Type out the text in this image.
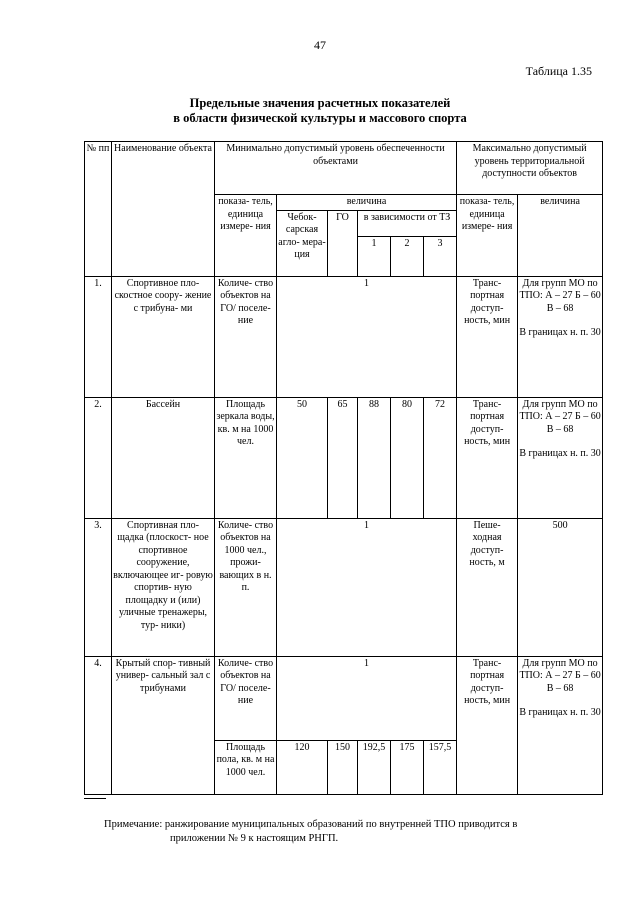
47
Таблица 1.35
Предельные значения расчетных показателей
в области физической культуры и массового спорта
№ пп	Наименование объекта	Минимально допустимый уровень обеспеченности объектами						Максимально допустимый уровень территориальной доступности объектов	
		показа- тель, единица измере- ния	величина					показа- тель, единица измере- ния	величина
			Чебок- сарская агло- мера- ция	ГО	в зависимости от ТЗ				
					1	2	3		
1.	Спортивное пло- скостное соору- жение с трибуна- ми	Количе- ство объектов на ГО/ поселе- ние	1					Транс- портная доступ- ность, мин	Для групп МО по ТПО: А – 27 Б – 60 В – 68
В границах н. п. 30

2.	Бассейн	Площадь зеркала воды, кв. м на 1000 чел.	50	65	88	80	72	Транс- портная доступ- ность, мин	Для групп МО по ТПО: А – 27 Б – 60 В – 68
В границах н. п. 30

3.	Спортивная пло- щадка (плоскост- ное спортивное сооружение, включающее иг- ровую спортив- ную площадку и (или) уличные тренажеры, тур- ники)	Количе- ство объектов на 1000 чел., прожи- вающих в н. п.	1					Пеше- ходная доступ- ность, м	500
4.	Крытый спор- тивный универ- сальный зал с трибунами	Количе- ство объектов на ГО/ поселе- ние	1					Транс- портная доступ- ность, мин	Для групп МО по ТПО: А – 27 Б – 60 В – 68
В границах н. п. 30

		Площадь пола, кв. м на 1000 чел.	120	150	192,5	175	157,5		
Примечание: ранжирование муниципальных образований по внутренней ТПО приводится в
приложении № 9 к настоящим РНГП.
